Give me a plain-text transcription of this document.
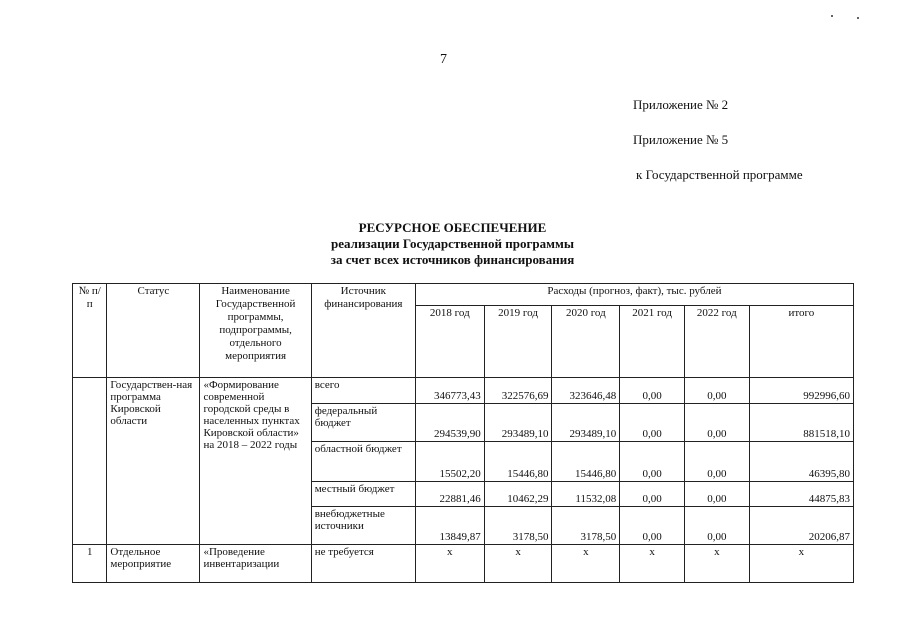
7
Приложение № 2
Приложение № 5
к Государственной программе
РЕСУРСНОЕ ОБЕСПЕЧЕНИЕ
реализации Государственной программы
за счет всех источников финансирования
№ п/п	Статус	Наименование Государственной программы, подпрограммы, отдельного мероприятия	Источник финансирования	Расходы (прогноз, факт), тыс. рублей					
				2018 год	2019 год	2020 год	2021 год	2022 год	итого
	Государствен-ная программа Кировской области	«Формирование современной городской среды в населенных пунктах Кировской области» на 2018 – 2022 годы	всего	346773,43	322576,69	323646,48	0,00	0,00	992996,60
			федеральный бюджет	294539,90	293489,10	293489,10	0,00	0,00	881518,10
			областной бюджет	15502,20	15446,80	15446,80	0,00	0,00	46395,80
			местный бюджет	22881,46	10462,29	11532,08	0,00	0,00	44875,83
			внебюджетные источники	13849,87	3178,50	3178,50	0,00	0,00	20206,87
1	Отдельное мероприятие	«Проведение инвентаризации	не требуется	х	х	х	х	х	х
